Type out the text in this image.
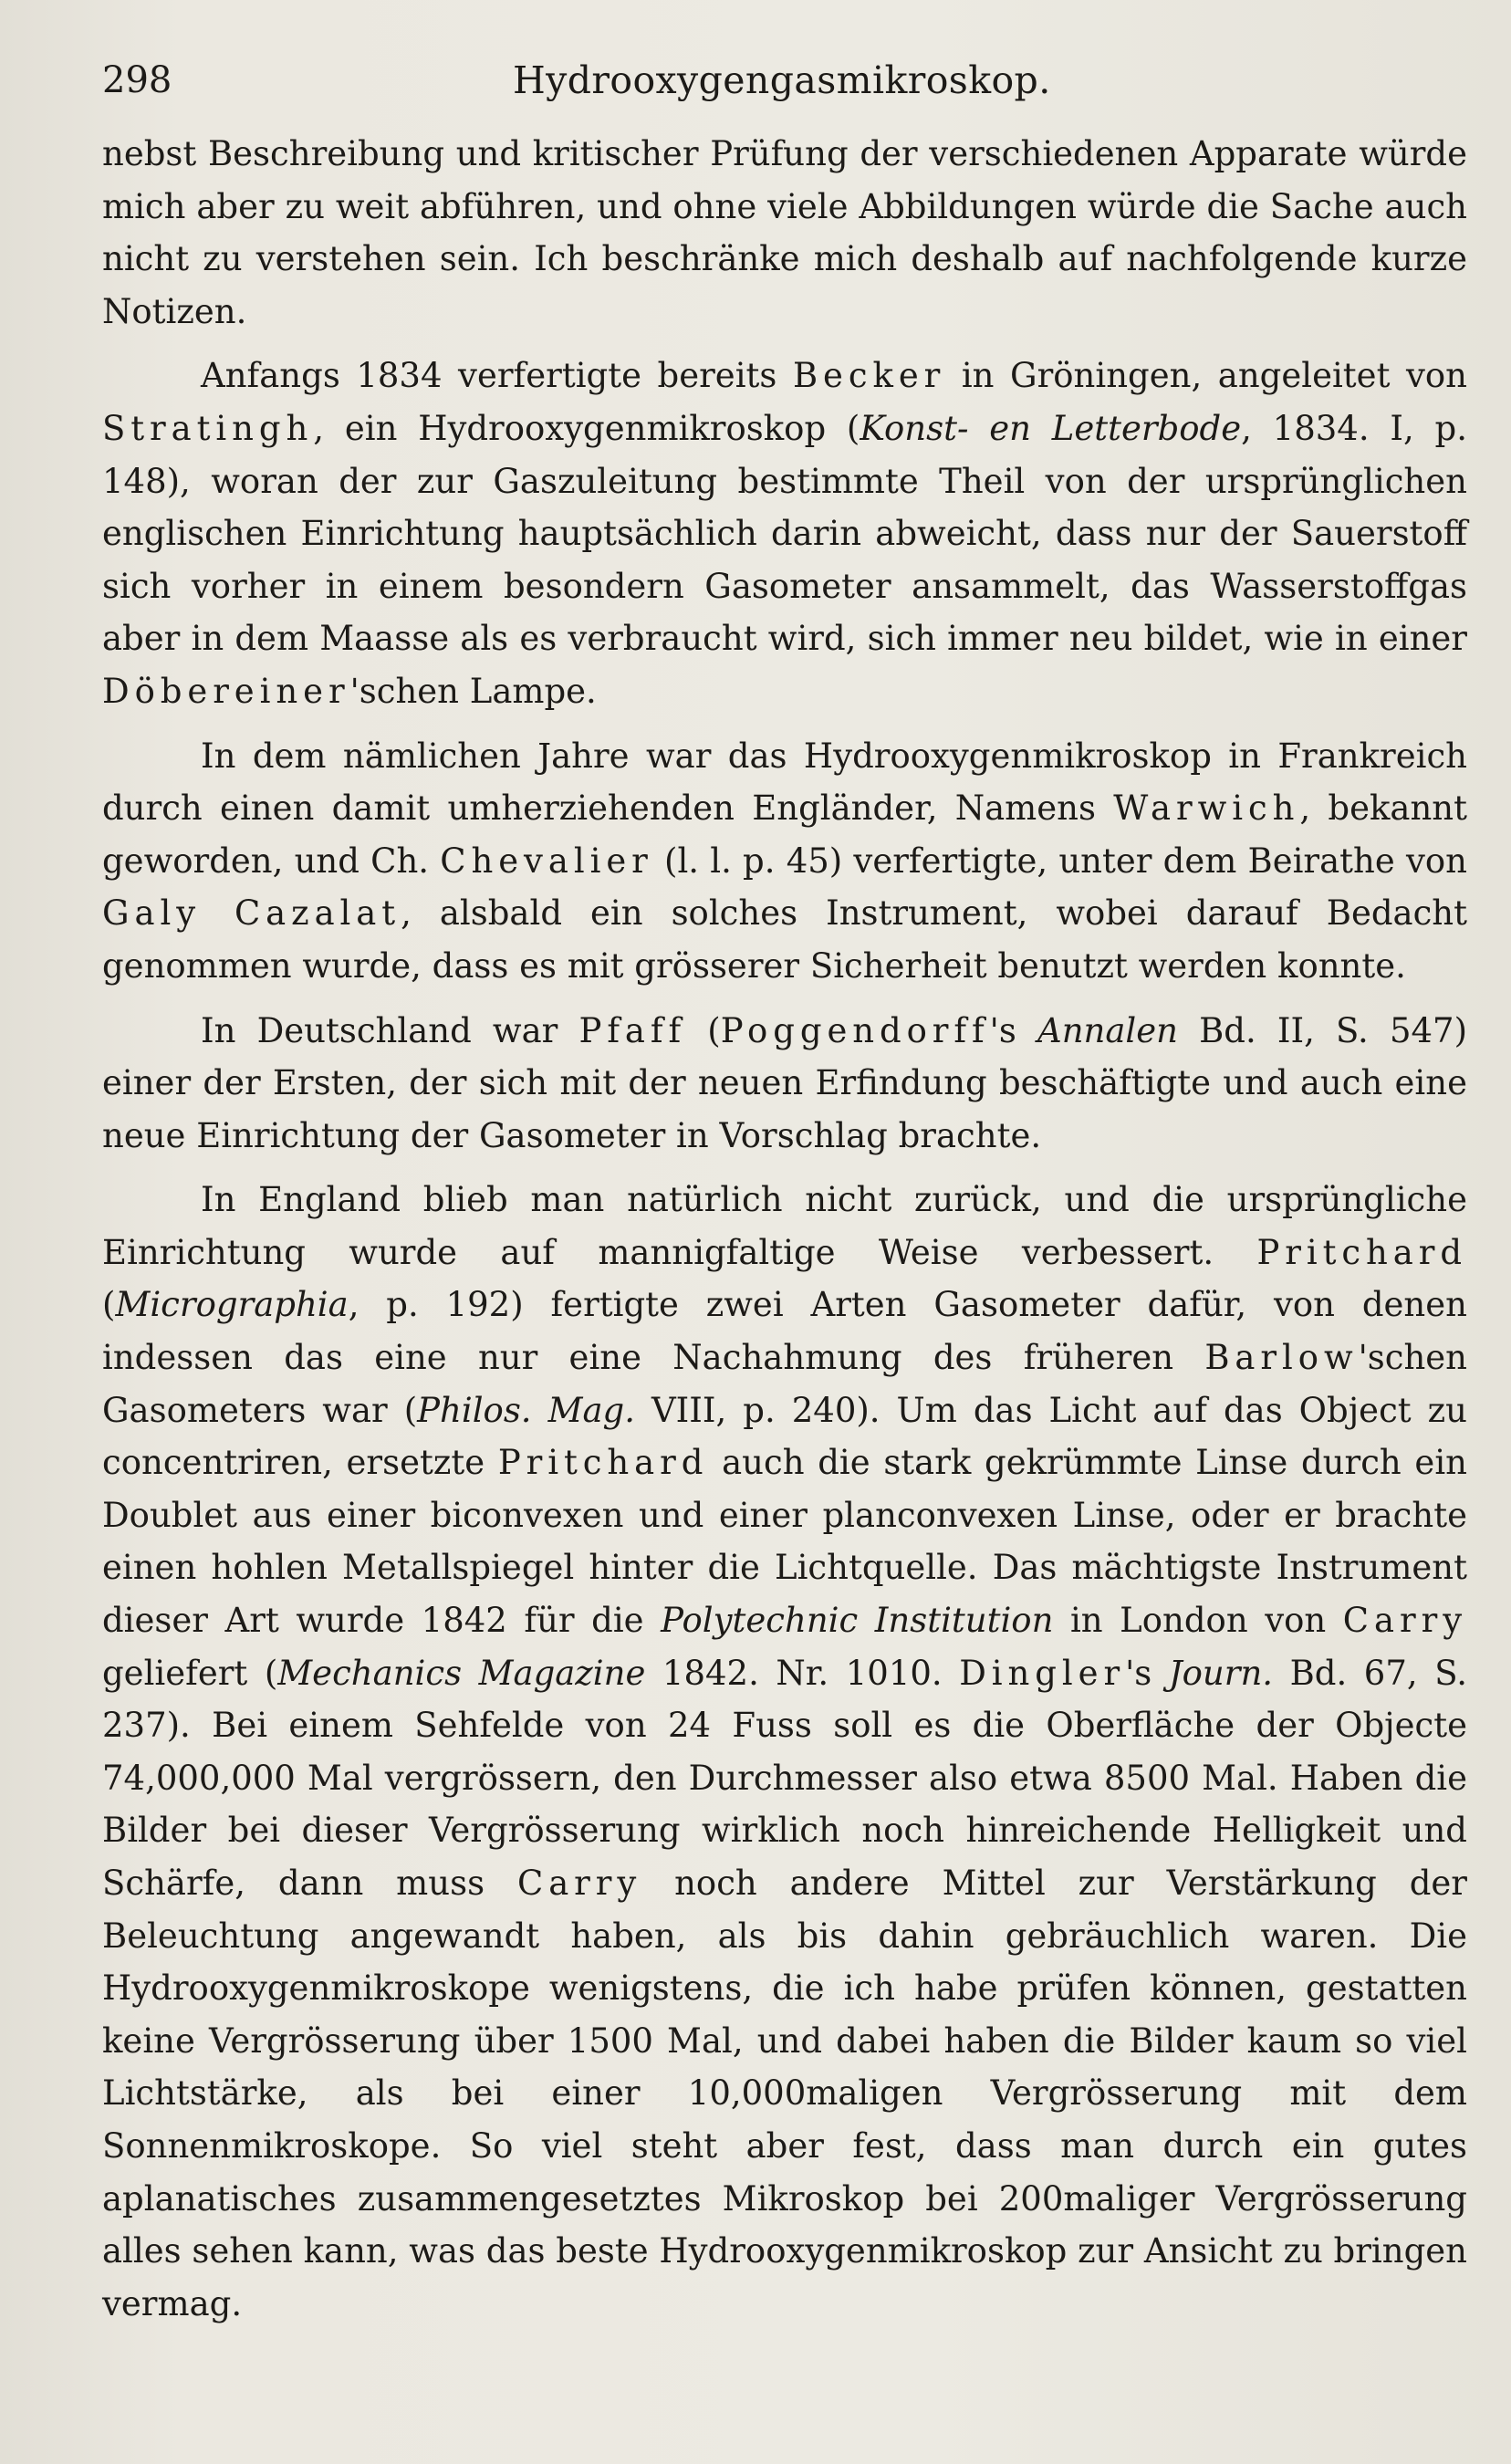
298	Hydrooxygengasmikroskop.

nebst Beschreibung und kritischer Prüfung der verschiedenen Apparate würde mich aber zu weit abführen, und ohne viele Abbildungen würde die Sache auch nicht zu verstehen sein. Ich beschränke mich deshalb auf nachfolgende kurze Notizen.

Anfangs 1834 verfertigte bereits Becker in Gröningen, angeleitet von Stratingh, ein Hydrooxygenmikroskop (Konst- en Letterbode, 1834. I, p. 148), woran der zur Gaszuleitung bestimmte Theil von der ursprünglichen englischen Einrichtung hauptsächlich darin abweicht, dass nur der Sauerstoff sich vorher in einem besondern Gasometer ansammelt, das Wasserstoffgas aber in dem Maasse als es verbraucht wird, sich immer neu bildet, wie in einer Döbereiner'schen Lampe.

In dem nämlichen Jahre war das Hydrooxygenmikroskop in Frankreich durch einen damit umherziehenden Engländer, Namens Warwich, bekannt geworden, und Ch. Chevalier (l. l. p. 45) verfertigte, unter dem Beirathe von Galy Cazalat, alsbald ein solches Instrument, wobei darauf Bedacht genommen wurde, dass es mit grösserer Sicherheit benutzt werden konnte.

In Deutschland war Pfaff (Poggendorff's Annalen Bd. II, S. 547) einer der Ersten, der sich mit der neuen Erfindung beschäftigte und auch eine neue Einrichtung der Gasometer in Vorschlag brachte.

In England blieb man natürlich nicht zurück, und die ursprüngliche Einrichtung wurde auf mannigfaltige Weise verbessert. Pritchard (Micrographia, p. 192) fertigte zwei Arten Gasometer dafür, von denen indessen das eine nur eine Nachahmung des früheren Barlow'schen Gasometers war (Philos. Mag. VIII, p. 240). Um das Licht auf das Object zu concentriren, ersetzte Pritchard auch die stark gekrümmte Linse durch ein Doublet aus einer biconvexen und einer planconvexen Linse, oder er brachte einen hohlen Metallspiegel hinter die Lichtquelle. Das mächtigste Instrument dieser Art wurde 1842 für die Polytechnic Institution in London von Carry geliefert (Mechanics Magazine 1842. Nr. 1010. Dingler's Journ. Bd. 67, S. 237). Bei einem Sehfelde von 24 Fuss soll es die Oberfläche der Objecte 74,000,000 Mal vergrössern, den Durchmesser also etwa 8500 Mal. Haben die Bilder bei dieser Vergrösserung wirklich noch hinreichende Helligkeit und Schärfe, dann muss Carry noch andere Mittel zur Verstärkung der Beleuchtung angewandt haben, als bis dahin gebräuchlich waren. Die Hydrooxygenmikroskope wenigstens, die ich habe prüfen können, gestatten keine Vergrösserung über 1500 Mal, und dabei haben die Bilder kaum so viel Lichtstärke, als bei einer 10,000maligen Vergrösserung mit dem Sonnenmikroskope. So viel steht aber fest, dass man durch ein gutes aplanatisches zusammengesetztes Mikroskop bei 200maliger Vergrösserung alles sehen kann, was das beste Hydrooxygenmikroskop zur Ansicht zu bringen vermag.
